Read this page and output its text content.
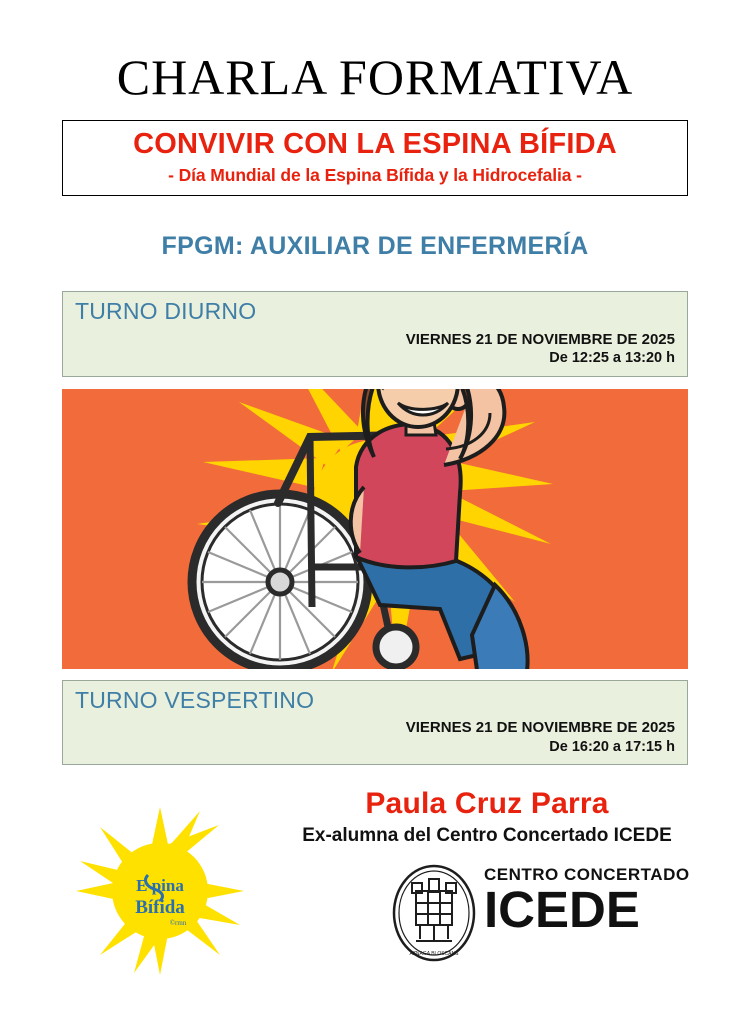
CHARLA FORMATIVA
CONVIVIR CON LA ESPINA BÍFIDA
- Día Mundial de la Espina Bífida y la Hidrocefalia -
FPGM: AUXILIAR DE ENFERMERÍA
TURNO DIURNO
VIERNES 21 DE NOVIEMBRE DE 2025
De 12:25 a 13:20 h
TURNO VESPERTINO
VIERNES 21 DE NOVIEMBRE DE 2025
De 16:20 a 17:15 h
Paula Cruz Parra
Ex-alumna del Centro Concertado ICEDE
E pina
Bífida
©rmn
AZNAGA BLOSCANS
CENTRO CONCERTADO
ICEDE
